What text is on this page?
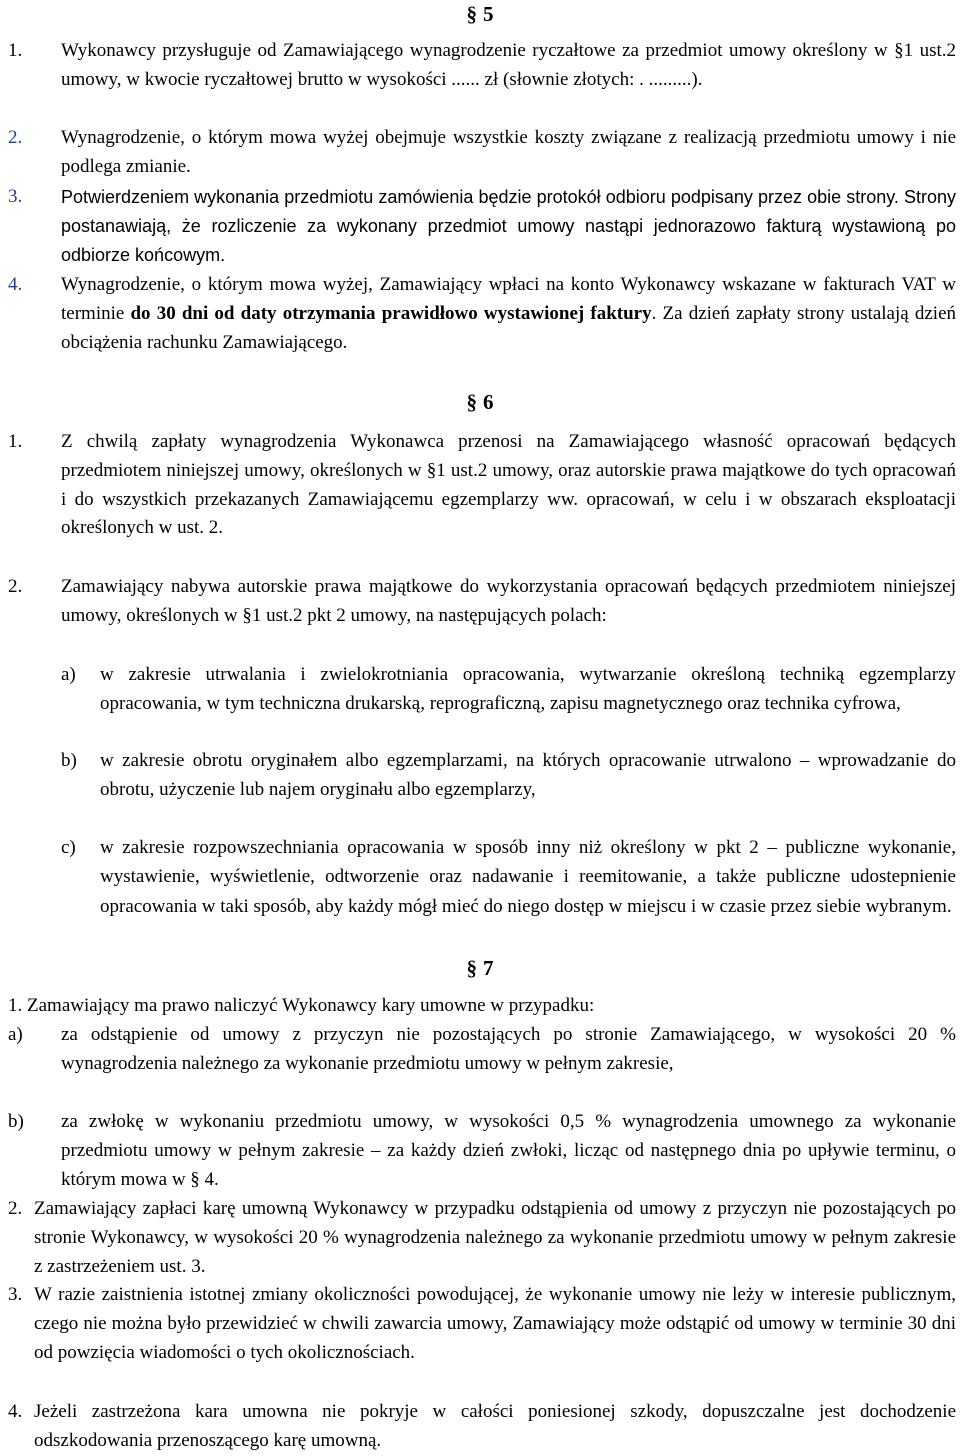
§ 5
1. Wykonawcy przysługuje od Zamawiającego wynagrodzenie ryczałtowe za przedmiot umowy określony w §1 ust.2 umowy, w kwocie ryczałtowej brutto w wysokości ...... zł (słownie złotych: . .........).
2. Wynagrodzenie, o którym mowa wyżej obejmuje wszystkie koszty związane z realizacją przedmiotu umowy i nie podlega zmianie.
3. Potwierdzeniem wykonania przedmiotu zamówienia będzie protokół odbioru podpisany przez obie strony. Strony postanawiają, że rozliczenie za wykonany przedmiot umowy nastąpi jednorazowo fakturą wystawioną po odbiorze końcowym.
4. Wynagrodzenie, o którym mowa wyżej, Zamawiający wpłaci na konto Wykonawcy wskazane w fakturach VAT w terminie do 30 dni od daty otrzymania prawidłowo wystawionej faktury. Za dzień zapłaty strony ustalają dzień obciążenia rachunku Zamawiającego.
§ 6
1. Z chwilą zapłaty wynagrodzenia Wykonawca przenosi na Zamawiającego własność opracowań będących przedmiotem niniejszej umowy, określonych w §1 ust.2 umowy, oraz autorskie prawa majątkowe do tych opracowań i do wszystkich przekazanych Zamawiającemu egzemplarzy ww. opracowań, w celu i w obszarach eksploatacji określonych w ust. 2.
2. Zamawiający nabywa autorskie prawa majątkowe do wykorzystania opracowań będących przedmiotem niniejszej umowy, określonych w §1 ust.2 pkt 2 umowy, na następujących polach:
a) w zakresie utrwalania i zwielokrotniania opracowania, wytwarzanie określoną techniką egzemplarzy opracowania, w tym techniczna drukarską, reprograficzną, zapisu magnetycznego oraz technika cyfrowa,
b) w zakresie obrotu oryginałem albo egzemplarzami, na których opracowanie utrwalono – wprowadzanie do obrotu, użyczenie lub najem oryginału albo egzemplarzy,
c) w zakresie rozpowszechniania opracowania w sposób inny niż określony w pkt 2 – publiczne wykonanie, wystawienie, wyświetlenie, odtworzenie oraz nadawanie i reemitowanie, a także publiczne udostepnienie opracowania w taki sposób, aby każdy mógł mieć do niego dostęp w miejscu i w czasie przez siebie wybranym.
§ 7
1. Zamawiający ma prawo naliczyć Wykonawcy kary umowne w przypadku:
a) za odstąpienie od umowy z przyczyn nie pozostających po stronie Zamawiającego, w wysokości 20 % wynagrodzenia należnego za wykonanie przedmiotu umowy w pełnym zakresie,
b) za zwłokę w wykonaniu przedmiotu umowy, w wysokości 0,5 % wynagrodzenia umownego za wykonanie przedmiotu umowy w pełnym zakresie – za każdy dzień zwłoki, licząc od następnego dnia po upływie terminu, o którym mowa w § 4.
2. Zamawiający zapłaci karę umowną Wykonawcy w przypadku odstąpienia od umowy z przyczyn nie pozostających po stronie Wykonawcy, w wysokości 20 % wynagrodzenia należnego za wykonanie przedmiotu umowy w pełnym zakresie z zastrzeżeniem ust. 3.
3. W razie zaistnienia istotnej zmiany okoliczności powodującej, że wykonanie umowy nie leży w interesie publicznym, czego nie można było przewidzieć w chwili zawarcia umowy, Zamawiający może odstąpić od umowy w terminie 30 dni od powzięcia wiadomości o tych okolicznościach.
4. Jeżeli zastrzeżona kara umowna nie pokryje w całości poniesionej szkody, dopuszczalne jest dochodzenie odszkodowania przenoszącego karę umowną.
